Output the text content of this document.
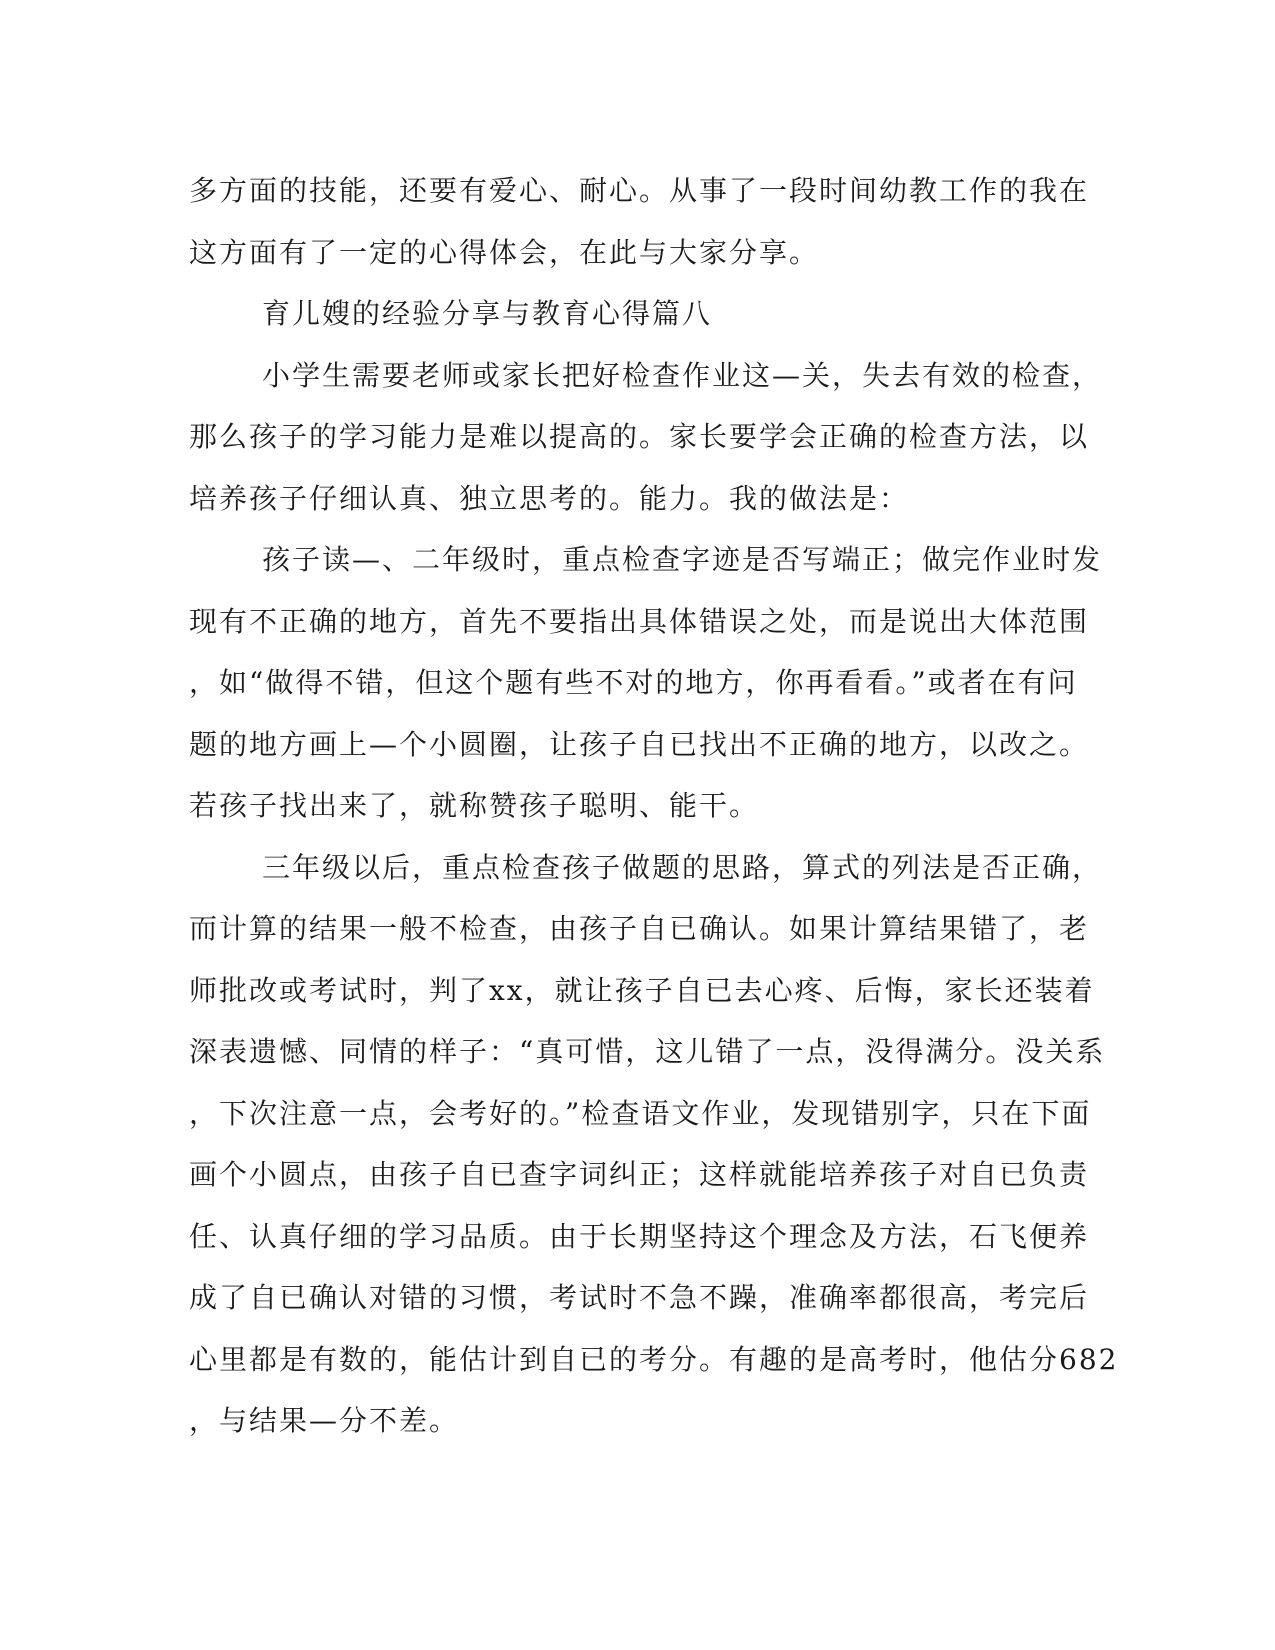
多方面的技能，还要有爱心、耐心。从事了一段时间幼教工作的我在
这方面有了一定的心得体会，在此与大家分享。
育儿嫂的经验分享与教育心得篇八
小学生需要老师或家长把好检查作业这—关，失去有效的检查，
那么孩子的学习能力是难以提高的。家长要学会正确的检查方法，以
培养孩子仔细认真、独立思考的。能力。我的做法是：
孩子读—、二年级时，重点检查字迹是否写端正；做完作业时发
现有不正确的地方，首先不要指出具体错误之处，而是说出大体范围
，如“做得不错，但这个题有些不对的地方，你再看看。”或者在有问
题的地方画上—个小圆圈，让孩子自已找出不正确的地方，以改之。
若孩子找出来了，就称赞孩子聪明、能干。
三年级以后，重点检查孩子做题的思路，算式的列法是否正确，
而计算的结果一般不检查，由孩子自已确认。如果计算结果错了，老
师批改或考试时，判了xx，就让孩子自已去心疼、后悔，家长还装着
深表遗憾、同情的样子：“真可惜，这儿错了一点，没得满分。没关系
，下次注意一点，会考好的。”检查语文作业，发现错别字，只在下面
画个小圆点，由孩子自已查字词纠正；这样就能培养孩子对自已负责
任、认真仔细的学习品质。由于长期坚持这个理念及方法，石飞便养
成了自已确认对错的习惯，考试时不急不躁，准确率都很高，考完后
心里都是有数的，能估计到自已的考分。有趣的是高考时，他估分682
，与结果—分不差。
